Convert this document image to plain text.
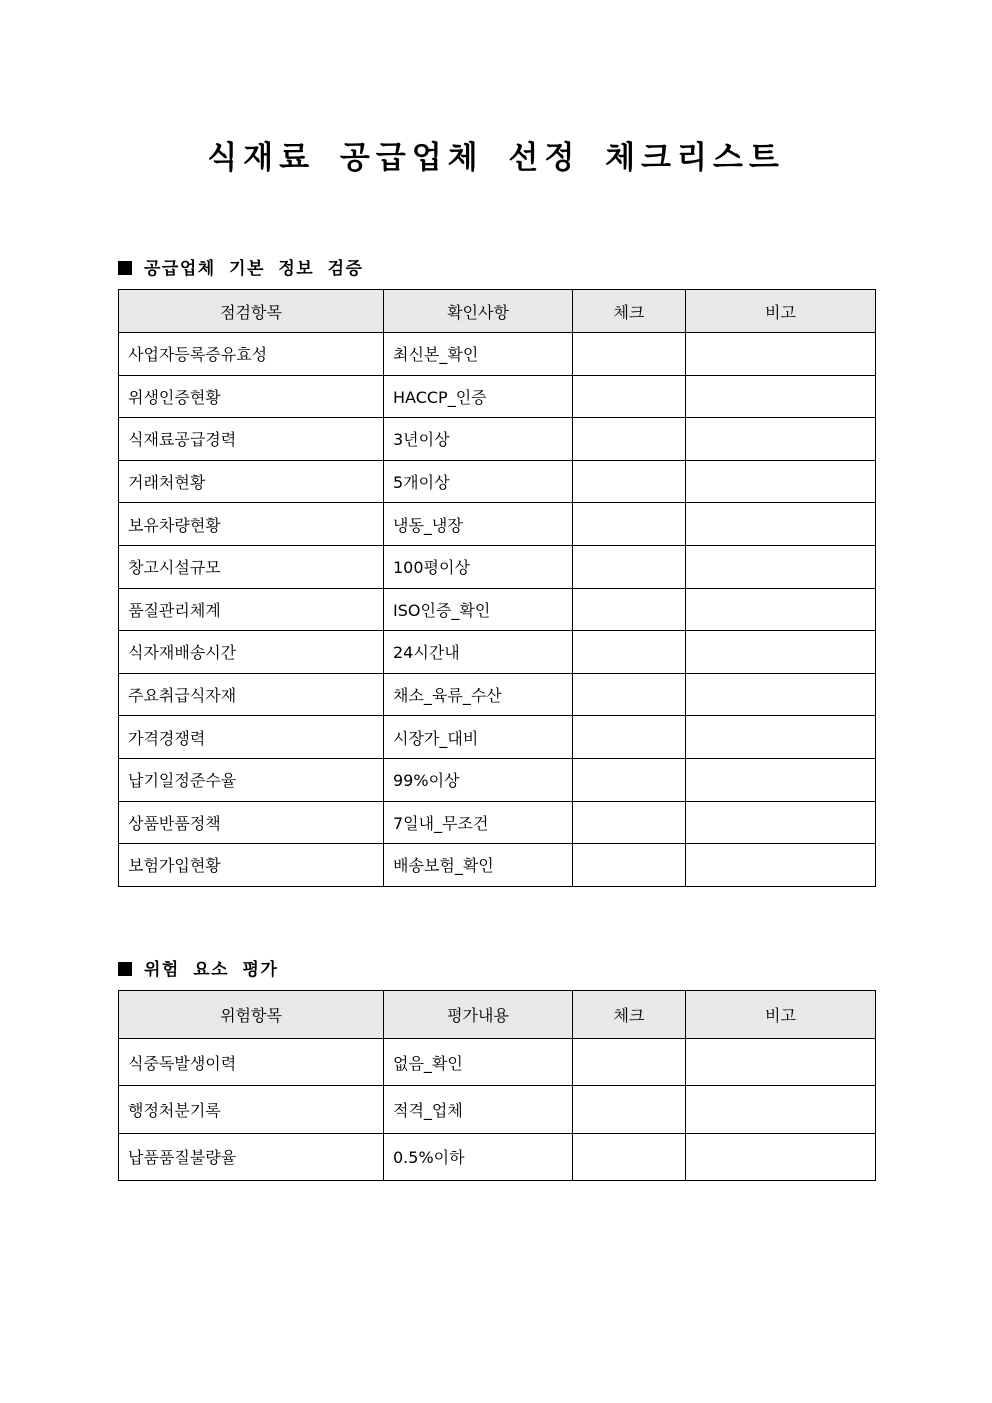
식재료 공급업체 선정 체크리스트
공급업체 기본 정보 검증
점검항목	확인사항	체크	비고
사업자등록증유효성	최신본_확인		
위생인증현황	HACCP_인증		
식재료공급경력	3년이상		
거래처현황	5개이상		
보유차량현황	냉동_냉장		
창고시설규모	100평이상		
품질관리체계	ISO인증_확인		
식자재배송시간	24시간내		
주요취급식자재	채소_육류_수산		
가격경쟁력	시장가_대비		
납기일정준수율	99%이상		
상품반품정책	7일내_무조건		
보험가입현황	배송보험_확인		
위험 요소 평가
위험항목	평가내용	체크	비고
식중독발생이력	없음_확인		
행정처분기록	적격_업체		
납품품질불량율	0.5%이하		
